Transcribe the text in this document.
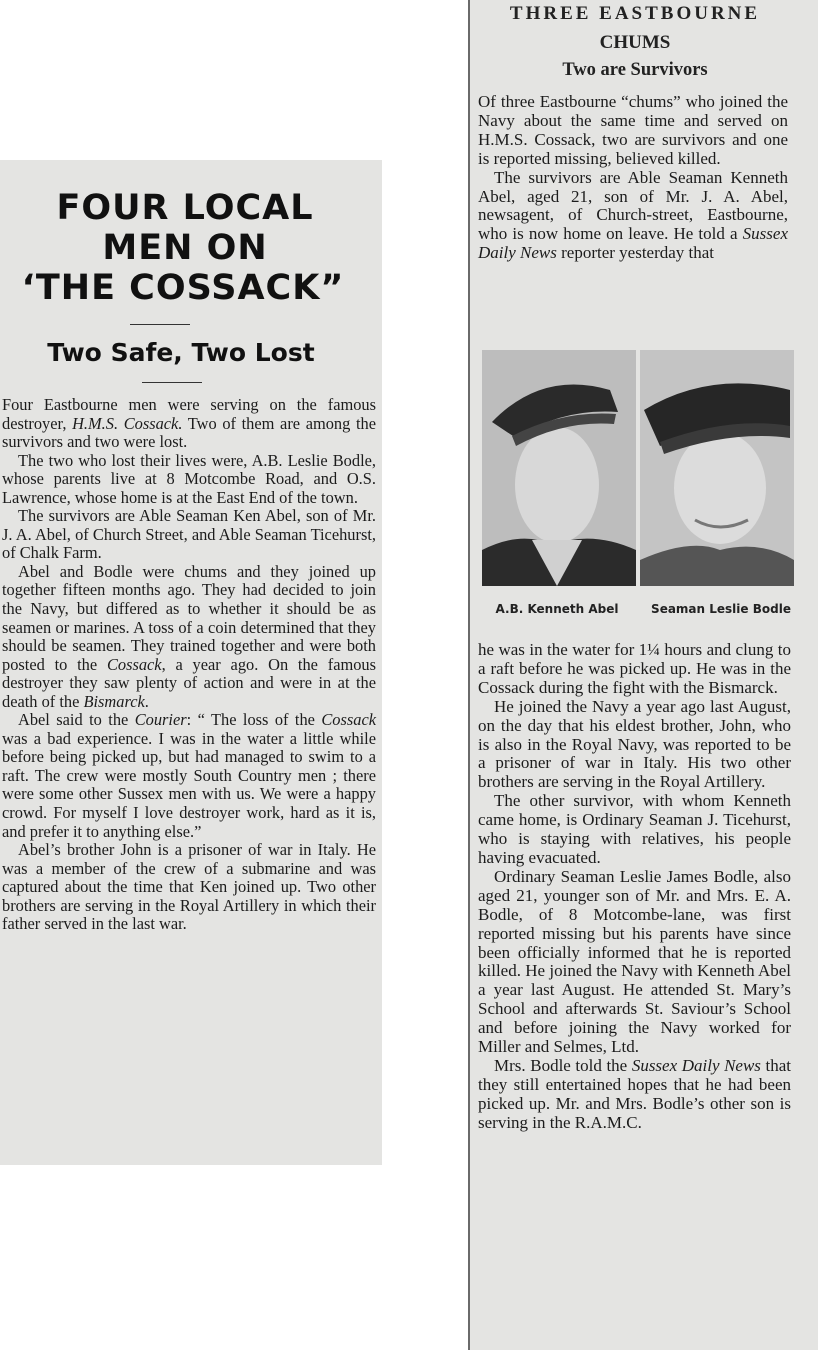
FOUR LOCAL
MEN ON
‘THE COSSACK”
Two Safe, Two Lost

Four Eastbourne men were serving on the famous destroyer, H.M.S. Cossack. Two of them are among the survivors and two were lost.

The two who lost their lives were, A.B. Leslie Bodle, whose parents live at 8 Motcombe Road, and O.S. Lawrence, whose home is at the East End of the town.

The survivors are Able Seaman Ken Abel, son of Mr. J. A. Abel, of Church Street, and Able Seaman Ticehurst, of Chalk Farm.

Abel and Bodle were chums and they joined up together fifteen months ago. They had decided to join the Navy, but differed as to whether it should be as seamen or marines. A toss of a coin determined that they should be seamen. They trained together and were both posted to the Cossack, a year ago. On the famous destroyer they saw plenty of action and were in at the death of the Bismarck.

Abel said to the Courier: “ The loss of the Cossack was a bad experience. I was in the water a little while before being picked up, but had managed to swim to a raft. The crew were mostly South Country men ; there were some other Sussex men with us. We were a happy crowd. For myself I love destroyer work, hard as it is, and prefer it to anything else.”

Abel’s brother John is a prisoner of war in Italy. He was a member of the crew of a submarine and was captured about the time that Ken joined up. Two other brothers are serving in the Royal Artillery in which their father served in the last war.

THREE EASTBOURNE
CHUMS
Two are Survivors

Of three Eastbourne “chums” who joined the Navy about the same time and served on H.M.S. Cossack, two are survivors and one is reported missing, believed killed.

The survivors are Able Seaman Kenneth Abel, aged 21, son of Mr. J. A. Abel, newsagent, of Church-street, Eastbourne, who is now home on leave. He told a Sussex Daily News reporter yesterday that

A.B. Kenneth Abel	Seaman Leslie Bodle

he was in the water for 1¼ hours and clung to a raft before he was picked up. He was in the Cossack during the fight with the Bismarck.

He joined the Navy a year ago last August, on the day that his eldest brother, John, who is also in the Royal Navy, was reported to be a prisoner of war in Italy. His two other brothers are serving in the Royal Artillery.

The other survivor, with whom Kenneth came home, is Ordinary Seaman J. Ticehurst, who is staying with relatives, his people having evacuated.

Ordinary Seaman Leslie James Bodle, also aged 21, younger son of Mr. and Mrs. E. A. Bodle, of 8 Motcombe-lane, was first reported missing but his parents have since been officially informed that he is reported killed. He joined the Navy with Kenneth Abel a year last August. He attended St. Mary’s School and afterwards St. Saviour’s School and before joining the Navy worked for Miller and Selmes, Ltd.

Mrs. Bodle told the Sussex Daily News that they still entertained hopes that he had been picked up. Mr. and Mrs. Bodle’s other son is serving in the R.A.M.C.
